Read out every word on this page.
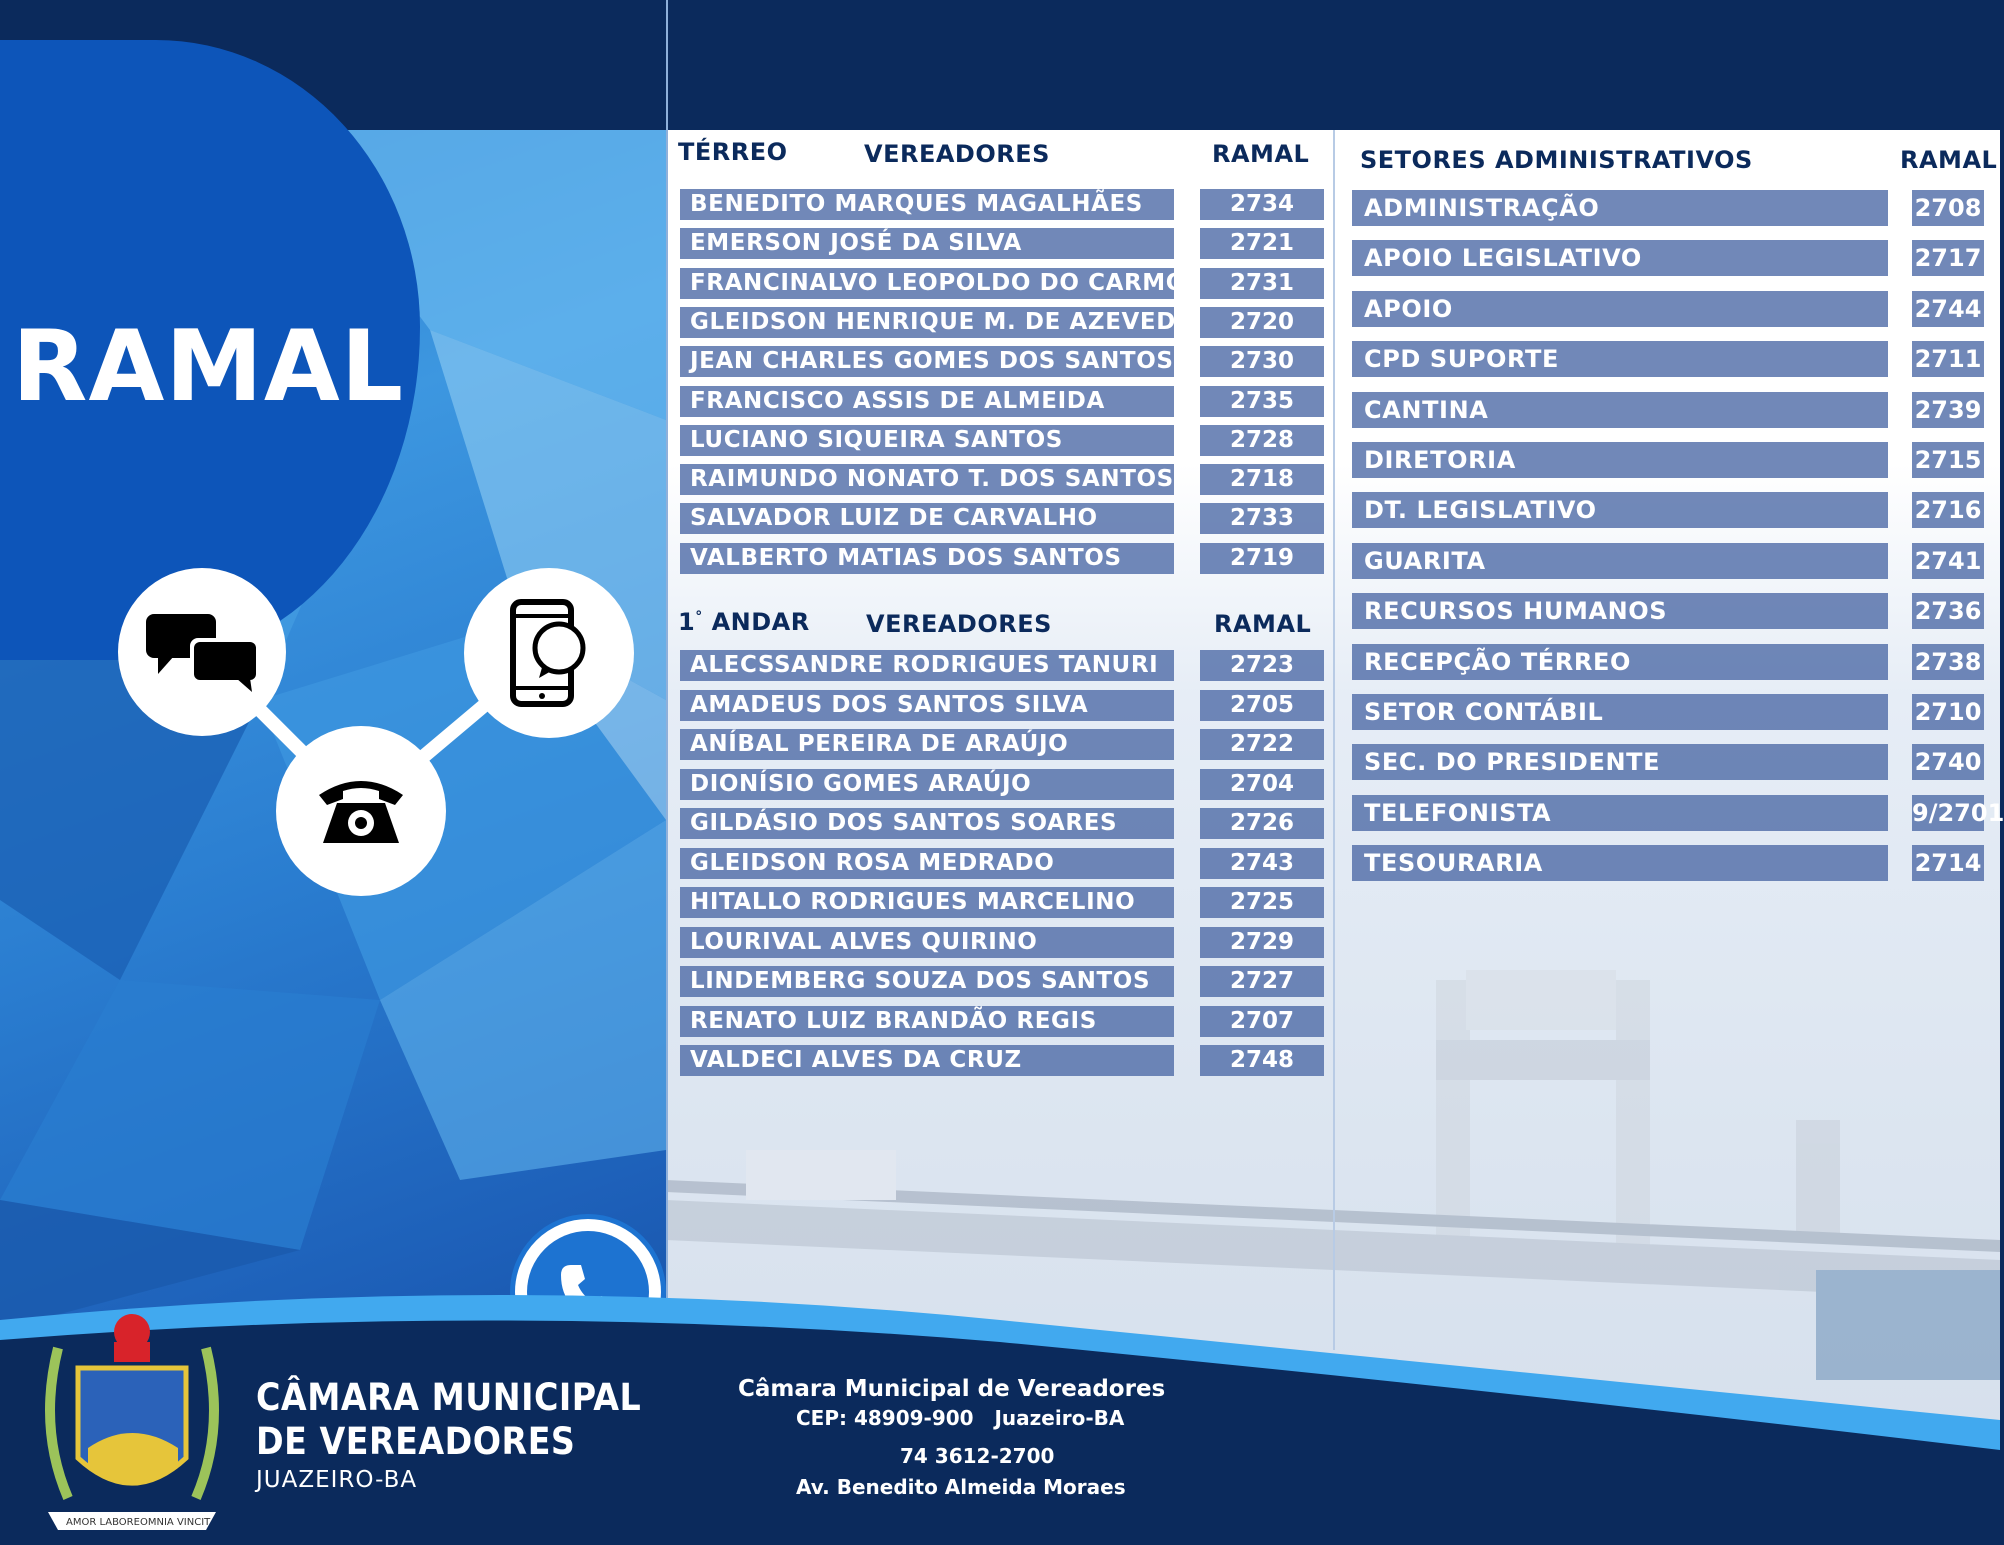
RAMAL
TÉRREO	VEREADORES	RAMAL
BENEDITO MARQUES MAGALHÃES	2734
EMERSON JOSÉ DA SILVA	2721
FRANCINALVO LEOPOLDO DO CARMO	2731
GLEIDSON HENRIQUE M. DE AZEVEDO	2720
JEAN CHARLES GOMES DOS SANTOS	2730
FRANCISCO ASSIS DE ALMEIDA	2735
LUCIANO SIQUEIRA SANTOS	2728
RAIMUNDO NONATO T. DOS SANTOS	2718
SALVADOR LUIZ DE CARVALHO	2733
VALBERTO MATIAS DOS SANTOS	2719
1° ANDAR VEREADORES	RAMAL
ALECSSANDRE RODRIGUES TANURI	2723
AMADEUS DOS SANTOS SILVA	2705
ANÍBAL PEREIRA DE ARAÚJO	2722
DIONÍSIO GOMES ARAÚJO	2704
GILDÁSIO DOS SANTOS SOARES	2726
GLEIDSON ROSA MEDRADO	2743
HITALLO RODRIGUES MARCELINO	2725
LOURIVAL ALVES QUIRINO	2729
LINDEMBERG SOUZA DOS SANTOS	2727
RENATO LUIZ BRANDÃO REGIS	2707
VALDECI ALVES DA CRUZ	2748
SETORES ADMINISTRATIVOS	RAMAL
ADMINISTRAÇÃO	2708
APOIO LEGISLATIVO	2717
APOIO	2744
CPD SUPORTE	2711
CANTINA	2739
DIRETORIA	2715
DT. LEGISLATIVO	2716
GUARITA	2741
RECURSOS HUMANOS	2736
RECEPÇÃO TÉRREO	2738
SETOR CONTÁBIL	2710
SEC. DO PRESIDENTE	2740
TELEFONISTA	9/2701
TESOURARIA	2714
AMOR LABORE OMNIA VINCIT
CÂMARA MUNICIPAL
DE VEREADORES
JUAZEIRO-BA
Câmara Municipal de Vereadores
CEP: 48909-900   Juazeiro-BA
74 3612-2700
Av. Benedito Almeida Moraes
